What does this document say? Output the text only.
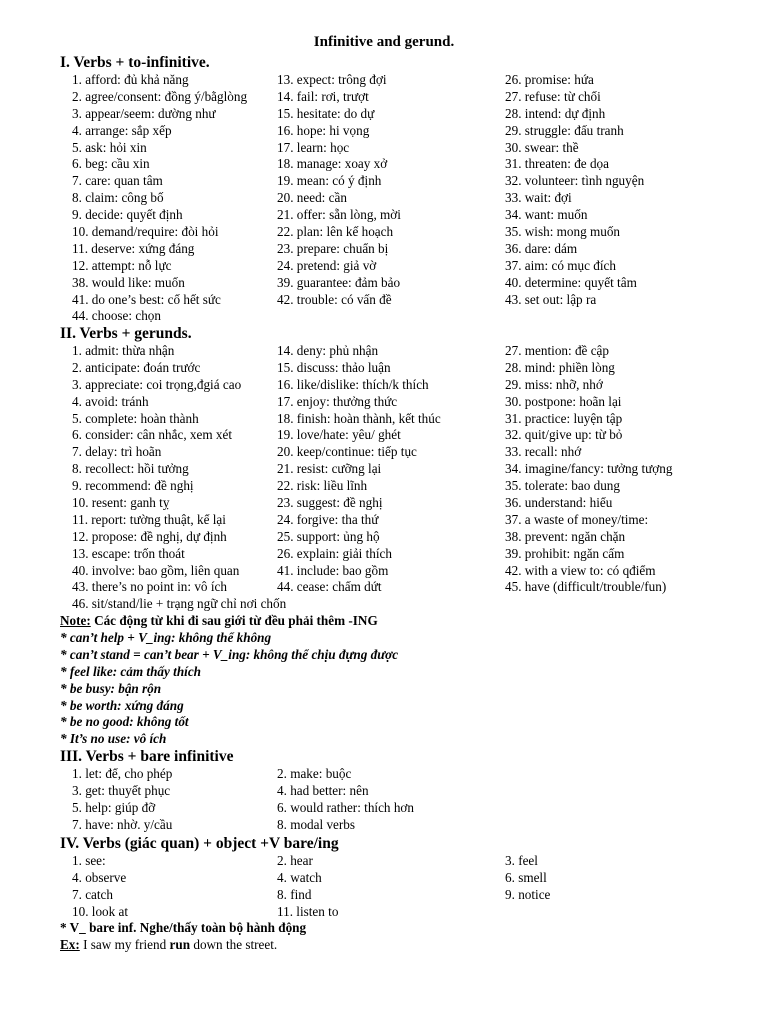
Infinitive and gerund.
I. Verbs + to-infinitive.
1. afford: đủ khả năng	13. expect: trông đợi	26. promise: hứa
2. agree/consent: đồng ý/bằglòng	14. fail: rơi, trượt	27. refuse: từ chối
3. appear/seem: dường như	15. hesitate: do dự	28. intend: dự định
4. arrange: sắp xếp	16. hope: hi vọng	29. struggle: đấu tranh
5. ask: hỏi xin	17. learn: học	30. swear: thề
6. beg: cầu xin	18. manage: xoay xở	31. threaten: đe dọa
7. care: quan tâm	19. mean: có ý định	32. volunteer: tình nguyện
8. claim: công bố	20. need: cần	33. wait: đợi
9. decide: quyết định	21. offer: sẵn lòng, mời	34. want: muốn
10. demand/require: đòi hỏi	22. plan: lên kế hoạch	35. wish: mong muốn
11. deserve: xứng đáng	23. prepare: chuẩn bị	36. dare: dám
12. attempt: nỗ lực	24. pretend: giả vờ	37. aim: có mục đích
38. would like: muốn	39. guarantee: đảm bảo	40. determine: quyết tâm
41. do one’s best: cố hết sức	42. trouble: có vấn đề	43. set out: lập ra
44. choose: chọn
II. Verbs + gerunds.
1. admit: thừa nhận	14. deny: phủ nhận	27. mention: đề cập
2. anticipate: đoán trước	15. discuss: thảo luận	28. mind: phiền lòng
3. appreciate: coi trọng,đgiá cao	16. like/dislike: thích/k thích	29. miss: nhỡ, nhớ
4. avoid: tránh	17. enjoy: thưởng thức	30. postpone: hoãn lại
5. complete: hoàn thành	18. finish: hoàn thành, kết thúc	31. practice: luyện tập
6. consider: cân nhắc, xem xét	19. love/hate: yêu/ ghét	32. quit/give up: từ bỏ
7. delay: trì hoãn	20. keep/continue: tiếp tục	33. recall: nhớ
8. recollect: hồi tưởng	21. resist: cưỡng lại	34. imagine/fancy: tưởng tượng
9. recommend: đề nghị	22. risk: liều lĩnh	35. tolerate: bao dung
10. resent: ganh tỵ	23. suggest: đề nghị	36. understand: hiểu
11. report: tường thuật, kể lại	24. forgive: tha thứ	37. a waste of money/time:
12. propose: đề nghị, dự định	25. support: ủng hộ	38. prevent: ngăn chặn
13. escape: trốn thoát	26. explain: giải thích	39. prohibit: ngăn cấm
40. involve: bao gồm, liên quan	41. include: bao gồm	42. with a view to: có qđiểm
43. there’s no point in: vô ích	44. cease: chấm dứt	45. have (difficult/trouble/fun)
46. sit/stand/lie + trạng ngữ chỉ nơi chốn
Note: Các động từ khi đi sau giới từ đều phải thêm -ING
* can’t help + V_ing: không thể không
* can’t stand = can’t bear + V_ing: không thể chịu đựng được
* feel like: cảm thấy thích
* be busy: bận rộn
* be worth: xứng đáng
* be no good: không tốt
* It’s no use: vô ích
III. Verbs + bare infinitive
1. let: để, cho phép	2. make: buộc
3. get: thuyết phục	4. had better: nên
5. help: giúp đỡ	6. would rather: thích hơn
7. have: nhờ. y/cầu	8. modal verbs
IV. Verbs (giác quan) + object +V bare/ing
1. see:	2. hear	3. feel
4. observe	4. watch	6. smell
7. catch	8. find	9. notice
10. look at	11. listen to
* V_ bare inf. Nghe/thấy toàn bộ hành động
Ex: I saw my friend run down the street.
